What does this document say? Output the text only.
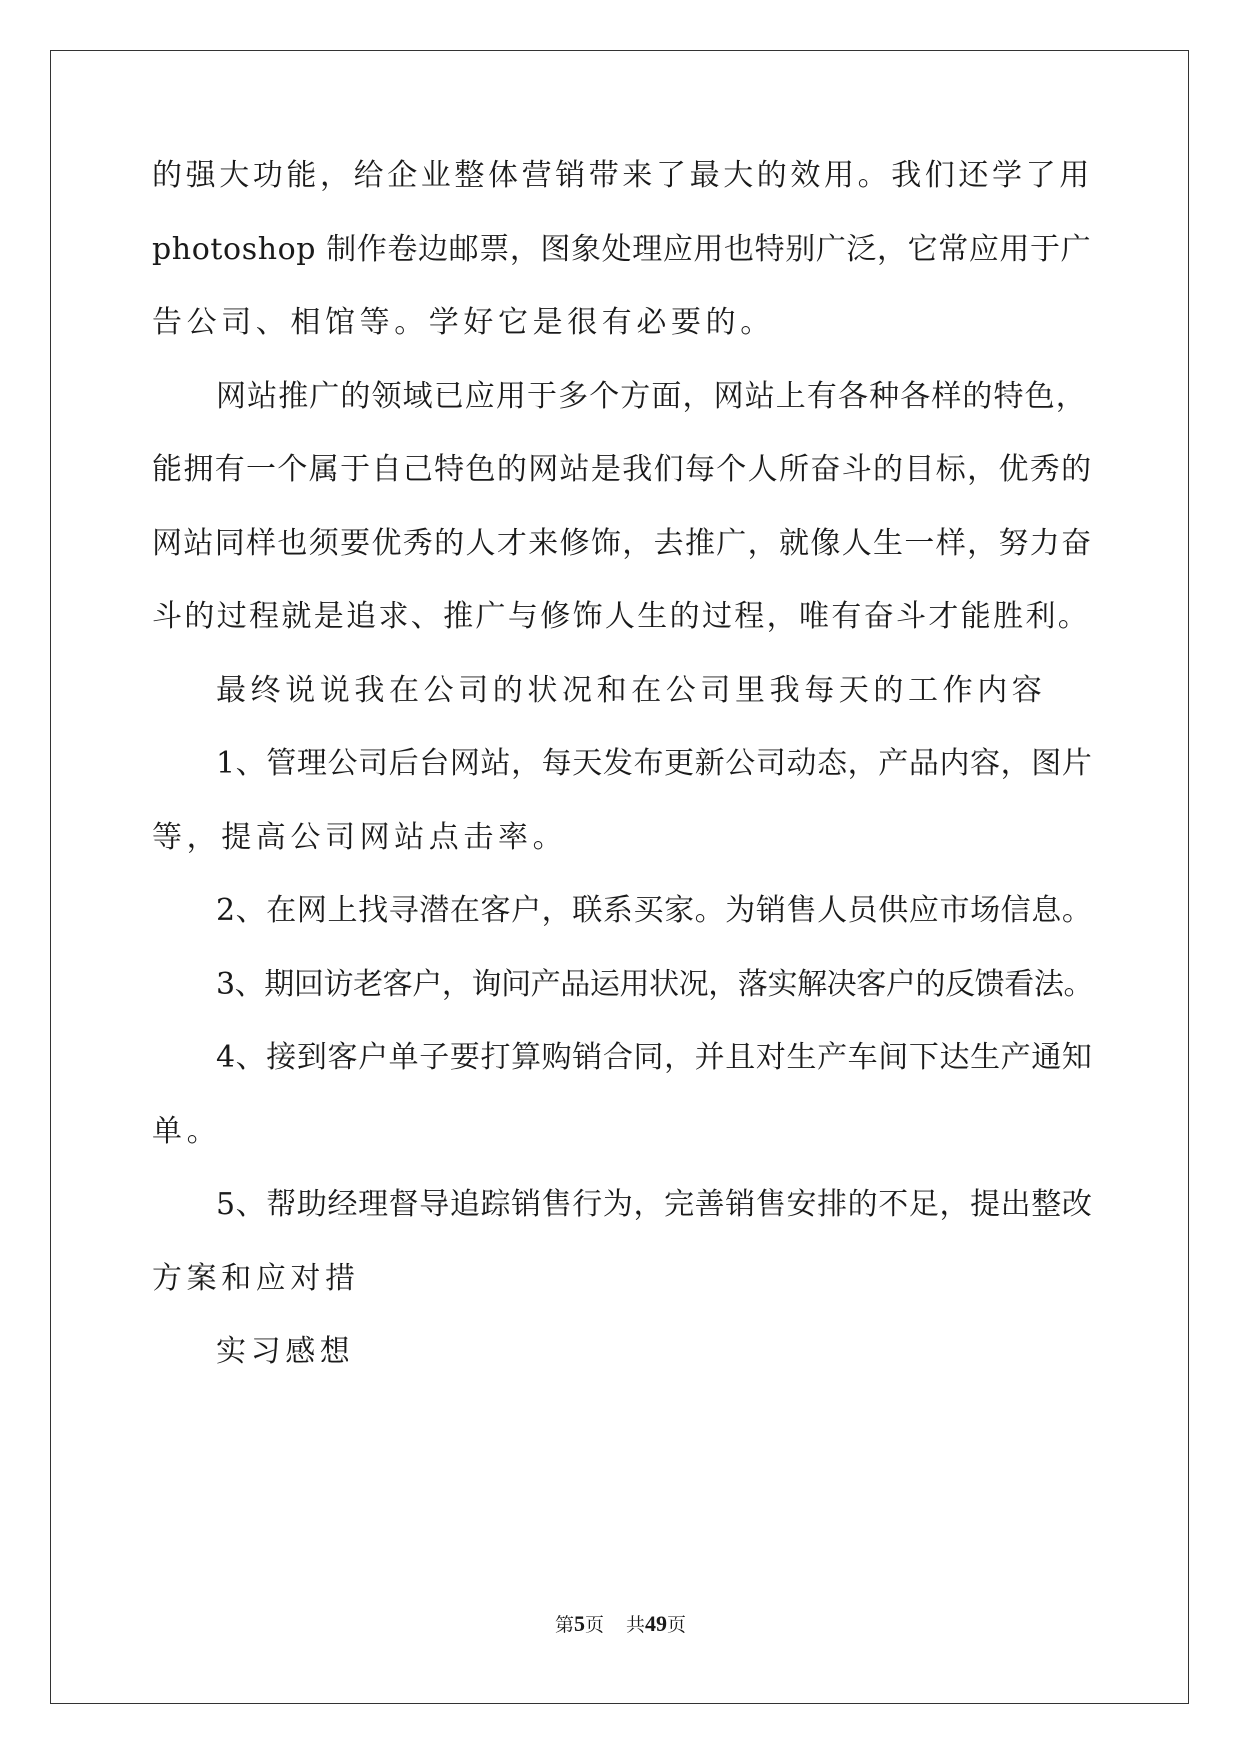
的强大功能，给企业整体营销带来了最大的效用。我们还学了用

photoshop 制作卷边邮票，图象处理应用也特别广泛，它常应用于广

告公司、相馆等。学好它是很有必要的。

网站推广的领域已应用于多个方面，网站上有各种各样的特色，

能拥有一个属于自己特色的网站是我们每个人所奋斗的目标，优秀的

网站同样也须要优秀的人才来修饰，去推广，就像人生一样，努力奋

斗的过程就是追求、推广与修饰人生的过程，唯有奋斗才能胜利。

最终说说我在公司的状况和在公司里我每天的工作内容

1、管理公司后台网站，每天发布更新公司动态，产品内容，图片

等，提高公司网站点击率。

2、在网上找寻潜在客户，联系买家。为销售人员供应市场信息。

3、期回访老客户，询问产品运用状况，落实解决客户的反馈看法。

4、接到客户单子要打算购销合同，并且对生产车间下达生产通知

单。

5、帮助经理督导追踪销售行为，完善销售安排的不足，提出整改

方案和应对措

实习感想

第5页 共49页
